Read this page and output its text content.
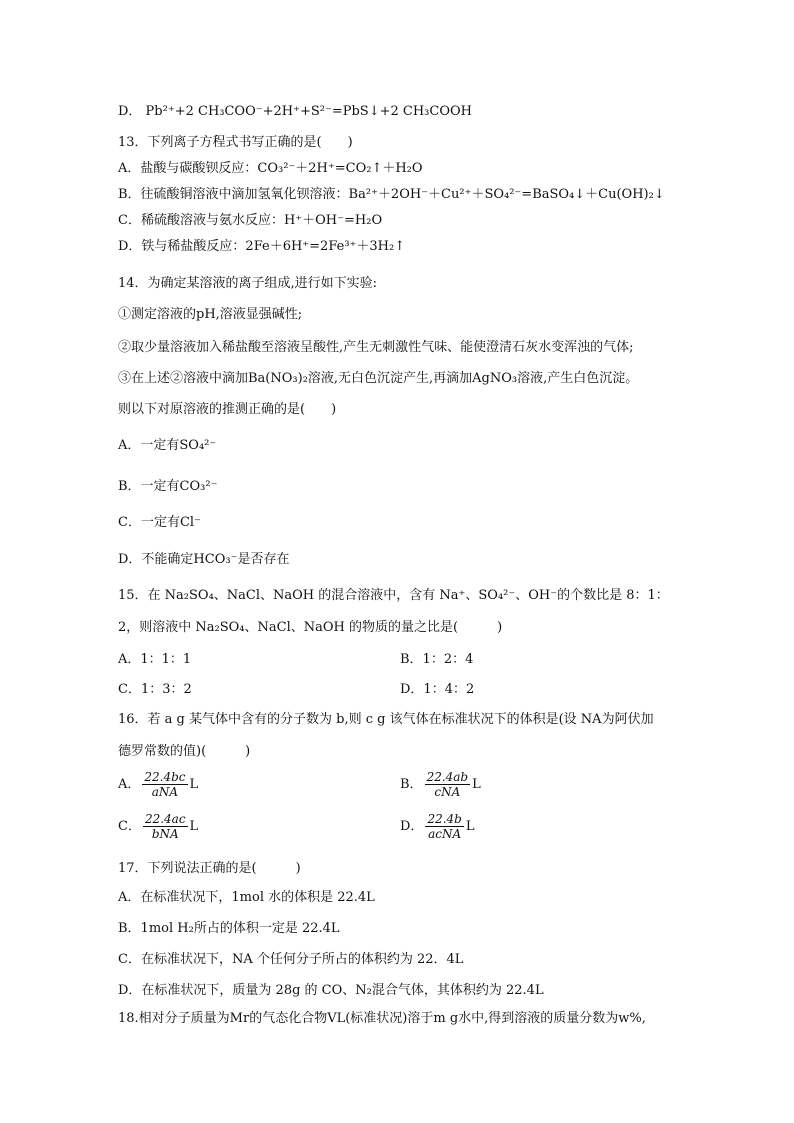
D． Pb²⁺+2 CH₃COO⁻+2H⁺+S²⁻=PbS↓+2 CH₃COOH
13．下列离子方程式书写正确的是(　　)
A．盐酸与碳酸钡反应：CO₃²⁻＋2H⁺=CO₂↑＋H₂O
B．往硫酸铜溶液中滴加氢氧化钡溶液：Ba²⁺＋2OH⁻＋Cu²⁺＋SO₄²⁻=BaSO₄↓＋Cu(OH)₂↓
C．稀硫酸溶液与氨水反应：H⁺＋OH⁻=H₂O
D．铁与稀盐酸反应：2Fe＋6H⁺=2Fe³⁺＋3H₂↑
14．为确定某溶液的离子组成,进行如下实验:
①测定溶液的pH,溶液显强碱性;
②取少量溶液加入稀盐酸至溶液呈酸性,产生无刺激性气味、能使澄清石灰水变浑浊的气体;
③在上述②溶液中滴加Ba(NO₃)₂溶液,无白色沉淀产生,再滴加AgNO₃溶液,产生白色沉淀。
则以下对原溶液的推测正确的是(　　)
A．一定有SO₄²⁻
B．一定有CO₃²⁻
C．一定有Cl⁻
D．不能确定HCO₃⁻是否存在
15．在 Na₂SO₄、NaCl、NaOH 的混合溶液中，含有 Na⁺、SO₄²⁻、OH⁻的个数比是 8：1：
2，则溶液中 Na₂SO₄、NaCl、NaOH 的物质的量之比是(　　　)
A．1：1：1	B．1：2：4
C．1：3：2	D．1：4：2
16．若 a g 某气体中含有的分子数为 b,则 c g 该气体在标准状况下的体积是(设 NA为阿伏加
德罗常数的值)(　　　)
A． $\frac{22.4bc}{\text{aNA}}$ L	B． $\frac{22.4ab}{\text{cNA}}$ L
C． $\frac{22.4ac}{\text{bNA}}$ L	D． $\frac{22.4b}{\text{acNA}}$ L
17．下列说法正确的是(　　　)
A．在标准状况下，1mol 水的体积是 22.4L
B．1mol H₂所占的体积一定是 22.4L
C．在标准状况下，NA 个任何分子所占的体积约为 22．4L
D．在标准状况下，质量为 28g 的 CO、N₂混合气体，其体积约为 22.4L
18.相对分子质量为Mr的气态化合物VL(标准状况)溶于m g水中,得到溶液的质量分数为w%,
